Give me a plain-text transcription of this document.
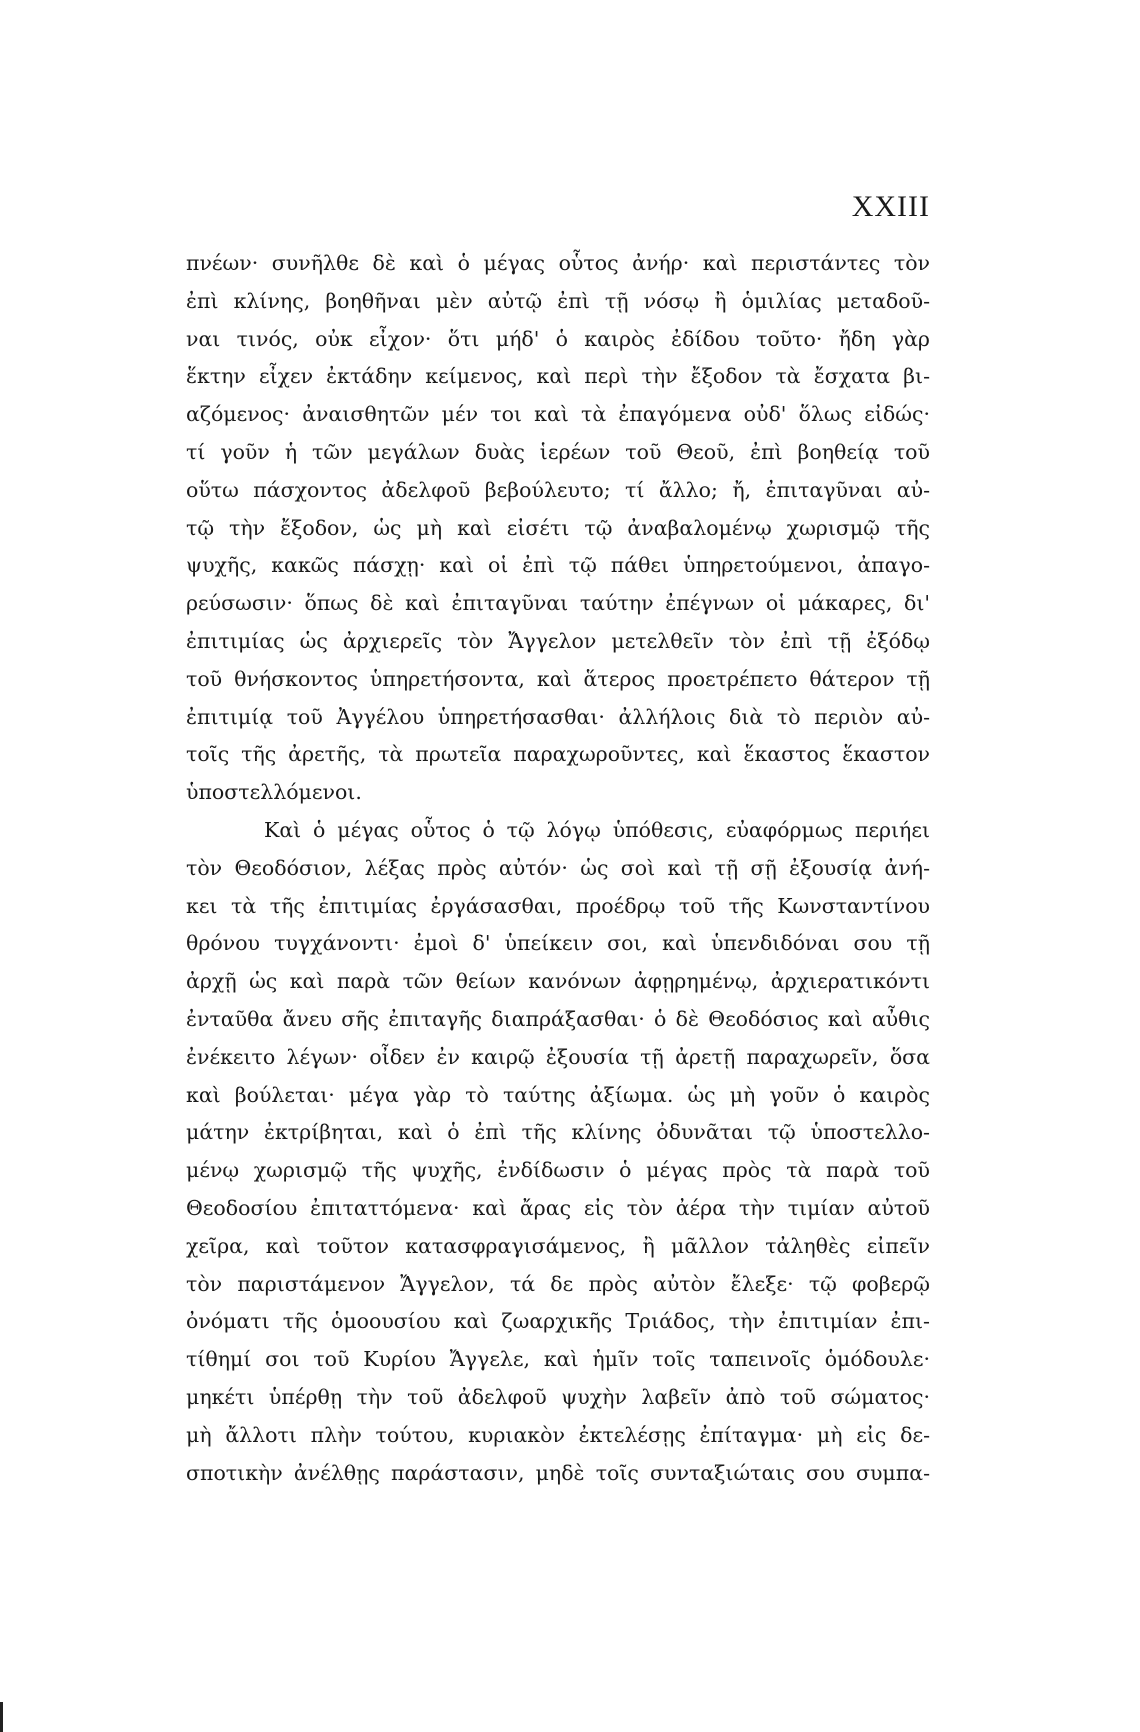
XXIII
πνέων· συνῆλθε δὲ καὶ ὁ μέγας οὗτος ἀνήρ· καὶ περιστάντες τὸν
ἐπὶ κλίνης, βοηθῆναι μὲν αὐτῷ ἐπὶ τῇ νόσῳ ἢ ὁμιλίας μεταδοῦ-
ναι τινός, οὐκ εἶχον· ὅτι μήδ' ὁ καιρὸς ἐδίδου τοῦτο· ἤδη γὰρ
ἕκτην εἶχεν ἐκτάδην κείμενος, καὶ περὶ τὴν ἔξοδον τὰ ἔσχατα βι-
αζόμενος· ἀναισθητῶν μέν τοι καὶ τὰ ἐπαγόμενα οὐδ' ὅλως εἰδώς·
τί γοῦν ἡ τῶν μεγάλων δυὰς ἱερέων τοῦ Θεοῦ, ἐπὶ βοηθείᾳ τοῦ
οὕτω πάσχοντος ἀδελφοῦ βεβούλευτο; τί ἄλλο; ἤ, ἐπιταγῦναι αὐ-
τῷ τὴν ἔξοδον, ὡς μὴ καὶ εἰσέτι τῷ ἀναβαλομένῳ χωρισμῷ τῆς
ψυχῆς, κακῶς πάσχῃ· καὶ οἱ ἐπὶ τῷ πάθει ὑπηρετούμενοι, ἀπαγο-
ρεύσωσιν· ὅπως δὲ καὶ ἐπιταγῦναι ταύτην ἐπέγνων οἱ μάκαρες, δι'
ἐπιτιμίας ὡς ἀρχιερεῖς τὸν Ἄγγελον μετελθεῖν τὸν ἐπὶ τῇ ἐξόδῳ
τοῦ θνήσκοντος ὑπηρετήσοντα, καὶ ἅτερος προετρέπετο θάτερον τῇ
ἐπιτιμίᾳ τοῦ Ἀγγέλου ὑπηρετήσασθαι· ἀλλήλοις διὰ τὸ περιὸν αὐ-
τοῖς τῆς ἀρετῆς, τὰ πρωτεῖα παραχωροῦντες, καὶ ἕκαστος ἕκαστον
ὑποστελλόμενοι.
Καὶ ὁ μέγας οὗτος ὁ τῷ λόγῳ ὑπόθεσις, εὐαφόρμως περιήει
τὸν Θεοδόσιον, λέξας πρὸς αὐτόν· ὡς σοὶ καὶ τῇ σῇ ἐξουσίᾳ ἀνή-
κει τὰ τῆς ἐπιτιμίας ἐργάσασθαι, προέδρῳ τοῦ τῆς Κωνσταντίνου
θρόνου τυγχάνοντι· ἐμοὶ δ' ὑπείκειν σοι, καὶ ὑπενδιδόναι σου τῇ
ἀρχῇ ὡς καὶ παρὰ τῶν θείων κανόνων ἀφῃρημένῳ, ἀρχιερατικόντι
ἐνταῦθα ἄνευ σῆς ἐπιταγῆς διαπράξασθαι· ὁ δὲ Θεοδόσιος καὶ αὖθις
ἐνέκειτο λέγων· οἶδεν ἐν καιρῷ ἐξουσία τῇ ἀρετῇ παραχωρεῖν, ὅσα
καὶ βούλεται· μέγα γὰρ τὸ ταύτης ἀξίωμα. ὡς μὴ γοῦν ὁ καιρὸς
μάτην ἐκτρίβηται, καὶ ὁ ἐπὶ τῆς κλίνης ὀδυνᾶται τῷ ὑποστελλο-
μένῳ χωρισμῷ τῆς ψυχῆς, ἐνδίδωσιν ὁ μέγας πρὸς τὰ παρὰ τοῦ
Θεοδοσίου ἐπιταττόμενα· καὶ ἄρας εἰς τὸν ἀέρα τὴν τιμίαν αὐτοῦ
χεῖρα, καὶ τοῦτον κατασφραγισάμενος, ἢ μᾶλλον τἀληθὲς εἰπεῖν
τὸν παριστάμενον Ἄγγελον, τά δε πρὸς αὐτὸν ἔλεξε· τῷ φοβερῷ
ὀνόματι τῆς ὁμοουσίου καὶ ζωαρχικῆς Τριάδος, τὴν ἐπιτιμίαν ἐπι-
τίθημί σοι τοῦ Κυρίου Ἄγγελε, καὶ ἡμῖν τοῖς ταπεινοῖς ὁμόδουλε·
μηκέτι ὑπέρθῃ τὴν τοῦ ἀδελφοῦ ψυχὴν λαβεῖν ἀπὸ τοῦ σώματος·
μὴ ἄλλοτι πλὴν τούτου, κυριακὸν ἐκτελέσῃς ἐπίταγμα· μὴ εἰς δε-
σποτικὴν ἀνέλθῃς παράστασιν, μηδὲ τοῖς συνταξιώταις σου συμπα-
